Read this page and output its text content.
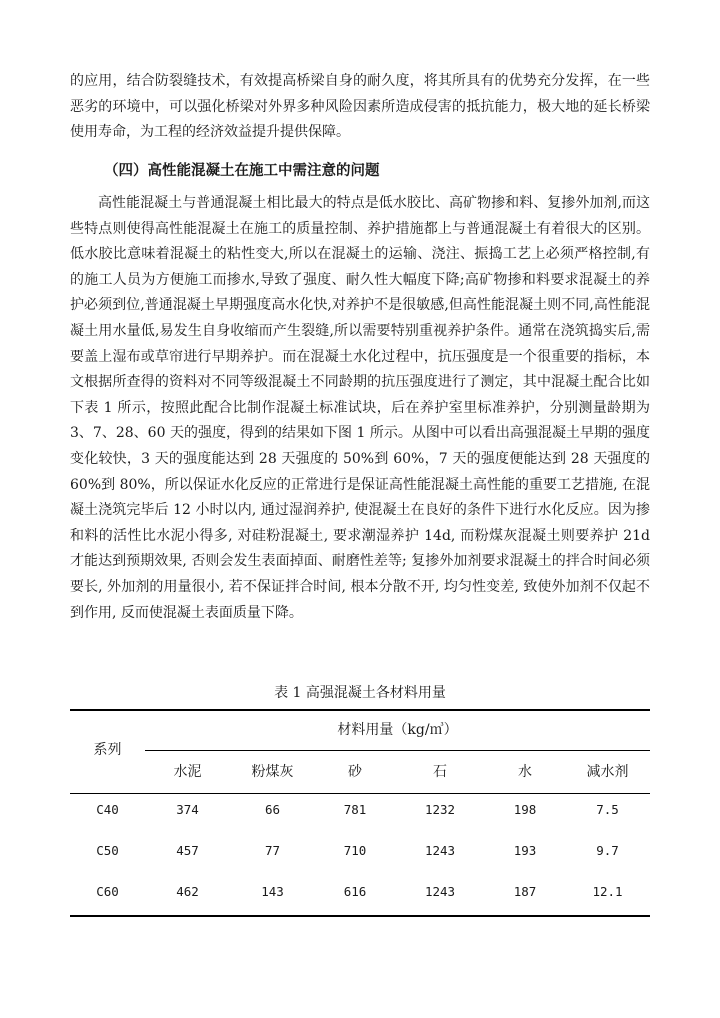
的应用，结合防裂缝技术，有效提高桥梁自身的耐久度，将其所具有的优势充分发挥，在一些恶劣的环境中，可以强化桥梁对外界多种风险因素所造成侵害的抵抗能力，极大地的延长桥梁使用寿命，为工程的经济效益提升提供保障。

（四）高性能混凝土在施工中需注意的问题

高性能混凝土与普通混凝土相比最大的特点是低水胶比、高矿物掺和料、复掺外加剂,而这些特点则使得高性能混凝土在施工的质量控制、养护措施都上与普通混凝土有着很大的区别。低水胶比意味着混凝土的粘性变大,所以在混凝土的运输、浇注、振捣工艺上必须严格控制,有的施工人员为方便施工而掺水,导致了强度、耐久性大幅度下降;高矿物掺和料要求混凝土的养护必须到位,普通混凝土早期强度高水化快,对养护不是很敏感,但高性能混凝土则不同,高性能混凝土用水量低,易发生自身收缩而产生裂缝,所以需要特别重视养护条件。通常在浇筑捣实后,需要盖上湿布或草帘进行早期养护。而在混凝土水化过程中，抗压强度是一个很重要的指标，本文根据所查得的资料对不同等级混凝土不同龄期的抗压强度进行了测定，其中混凝土配合比如下表 1 所示，按照此配合比制作混凝土标准试块，后在养护室里标准养护，分别测量龄期为 3、7、28、60 天的强度，得到的结果如下图 1 所示。从图中可以看出高强混凝土早期的强度变化较快，3 天的强度能达到 28 天强度的 50%到 60%，7 天的强度便能达到 28 天强度的 60%到 80%，所以保证水化反应的正常进行是保证高性能混凝土高性能的重要工艺措施, 在混凝土浇筑完毕后 12 小时以内, 通过湿润养护, 使混凝土在良好的条件下进行水化反应。因为掺和料的活性比水泥小得多, 对硅粉混凝土, 要求潮湿养护 14d, 而粉煤灰混凝土则要养护 21d 才能达到预期效果, 否则会发生表面掉面、耐磨性差等; 复掺外加剂要求混凝土的拌合时间必须要长, 外加剂的用量很小, 若不保证拌合时间, 根本分散不开, 均匀性变差, 致使外加剂不仅起不到作用, 反而使混凝土表面质量下降。

表 1 高强混凝土各材料用量

系列

材料用量（kg/㎥）

水泥	粉煤灰	砂	石	水	减水剂

C40	374	66	781	1232	198	7.5

C50	457	77	710	1243	193	9.7

C60	462	143	616	1243	187	12.1
